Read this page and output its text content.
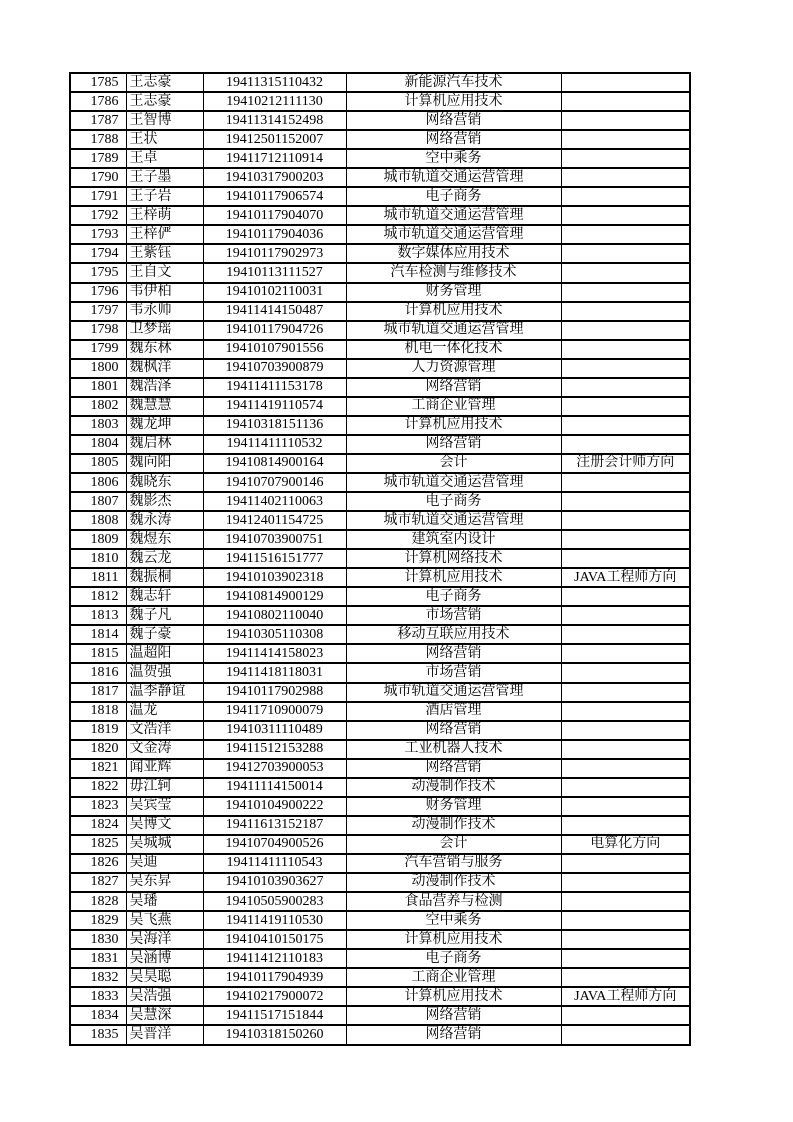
1785	王志豪	19411315110432	新能源汽车技术	
1786	王志豪	19410212111130	计算机应用技术	
1787	王智博	19411314152498	网络营销	
1788	王状	19412501152007	网络营销	
1789	王卓	19411712110914	空中乘务	
1790	王子墨	19410317900203	城市轨道交通运营管理	
1791	王子岩	19410117906574	电子商务	
1792	王梓萌	19410117904070	城市轨道交通运营管理	
1793	王梓俨	19410117904036	城市轨道交通运营管理	
1794	王紫钰	19410117902973	数字媒体应用技术	
1795	王自文	19410113111527	汽车检测与维修技术	
1796	韦伊柏	19410102110031	财务管理	
1797	韦永帅	19411414150487	计算机应用技术	
1798	卫梦瑶	19410117904726	城市轨道交通运营管理	
1799	魏东林	19410107901556	机电一体化技术	
1800	魏枫洋	19410703900879	人力资源管理	
1801	魏浩泽	19411411153178	网络营销	
1802	魏慧慧	19411419110574	工商企业管理	
1803	魏龙坤	19410318151136	计算机应用技术	
1804	魏启林	19411411110532	网络营销	
1805	魏向阳	19410814900164	会计	注册会计师方向
1806	魏晓东	19410707900146	城市轨道交通运营管理	
1807	魏影杰	19411402110063	电子商务	
1808	魏永涛	19412401154725	城市轨道交通运营管理	
1809	魏煜东	19410703900751	建筑室内设计	
1810	魏云龙	19411516151777	计算机网络技术	
1811	魏振桐	19410103902318	计算机应用技术	JAVA工程师方向
1812	魏志轩	19410814900129	电子商务	
1813	魏子凡	19410802110040	市场营销	
1814	魏子豪	19410305110308	移动互联应用技术	
1815	温超阳	19411414158023	网络营销	
1816	温贺强	19411418118031	市场营销	
1817	温李静谊	19410117902988	城市轨道交通运营管理	
1818	温龙	19411710900079	酒店管理	
1819	文浩洋	19410311110489	网络营销	
1820	文金涛	19411512153288	工业机器人技术	
1821	闻亚辉	19412703900053	网络营销	
1822	毋江轲	19411114150014	动漫制作技术	
1823	吴宾莹	19410104900222	财务管理	
1824	吴博文	19411613152187	动漫制作技术	
1825	吴城城	19410704900526	会计	电算化方向
1826	吴迪	19411411110543	汽车营销与服务	
1827	吴东昇	19410103903627	动漫制作技术	
1828	吴璠	19410505900283	食品营养与检测	
1829	吴飞燕	19411419110530	空中乘务	
1830	吴海洋	19410410150175	计算机应用技术	
1831	吴涵博	19411412110183	电子商务	
1832	吴昊聪	19410117904939	工商企业管理	
1833	吴浩强	19410217900072	计算机应用技术	JAVA工程师方向
1834	吴慧深	19411517151844	网络营销	
1835	吴晋洋	19410318150260	网络营销	
